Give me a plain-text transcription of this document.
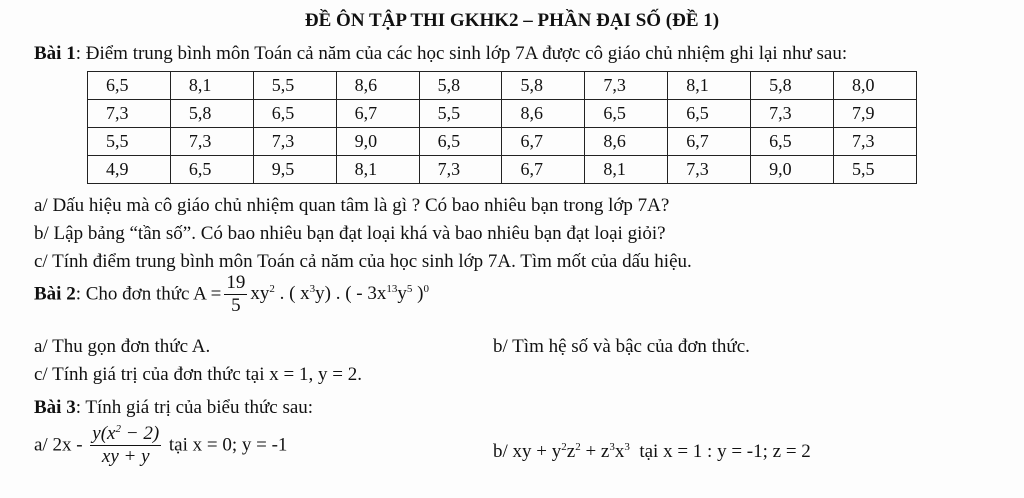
ĐỀ ÔN TẬP THI GKHK2 – PHẦN ĐẠI SỐ (ĐỀ 1)
Bài 1: Điểm trung bình môn Toán cả năm của các học sinh lớp 7A được cô giáo chủ nhiệm ghi lại như sau:
6,5	8,1	5,5	8,6	5,8	5,8	7,3	8,1	5,8	8,0
7,3	5,8	6,5	6,7	5,5	8,6	6,5	6,5	7,3	7,9
5,5	7,3	7,3	9,0	6,5	6,7	8,6	6,7	6,5	7,3
4,9	6,5	9,5	8,1	7,3	6,7	8,1	7,3	9,0	5,5
a/ Dấu hiệu mà cô giáo chủ nhiệm quan tâm là gì ? Có bao nhiêu bạn trong lớp 7A?
b/ Lập bảng “tần số”. Có bao nhiêu bạn đạt loại khá và bao nhiêu bạn đạt loại giỏi?
c/ Tính điểm trung bình môn Toán cả năm của học sinh lớp 7A. Tìm mốt của dấu hiệu.
Bài 2: Cho đơn thức $A = \frac{19}{5} xy^2$ . ( $x^3y$) . ( - $3x^{13}y^5$ )$^0$
a/ Thu gọn đơn thức A.	b/ Tìm hệ số và bậc của đơn thức.
c/ Tính giá trị của đơn thức tại x = 1, y = 2.
Bài 3: Tính giá trị của biểu thức sau:
a/ $2x - \frac{y(x^2 - 2)}{xy + y}$ tại x = 0; y = -1	b/ xy + $y^2z^2 + z^3x^3$ tại x = 1 : y = -1; z = 2
